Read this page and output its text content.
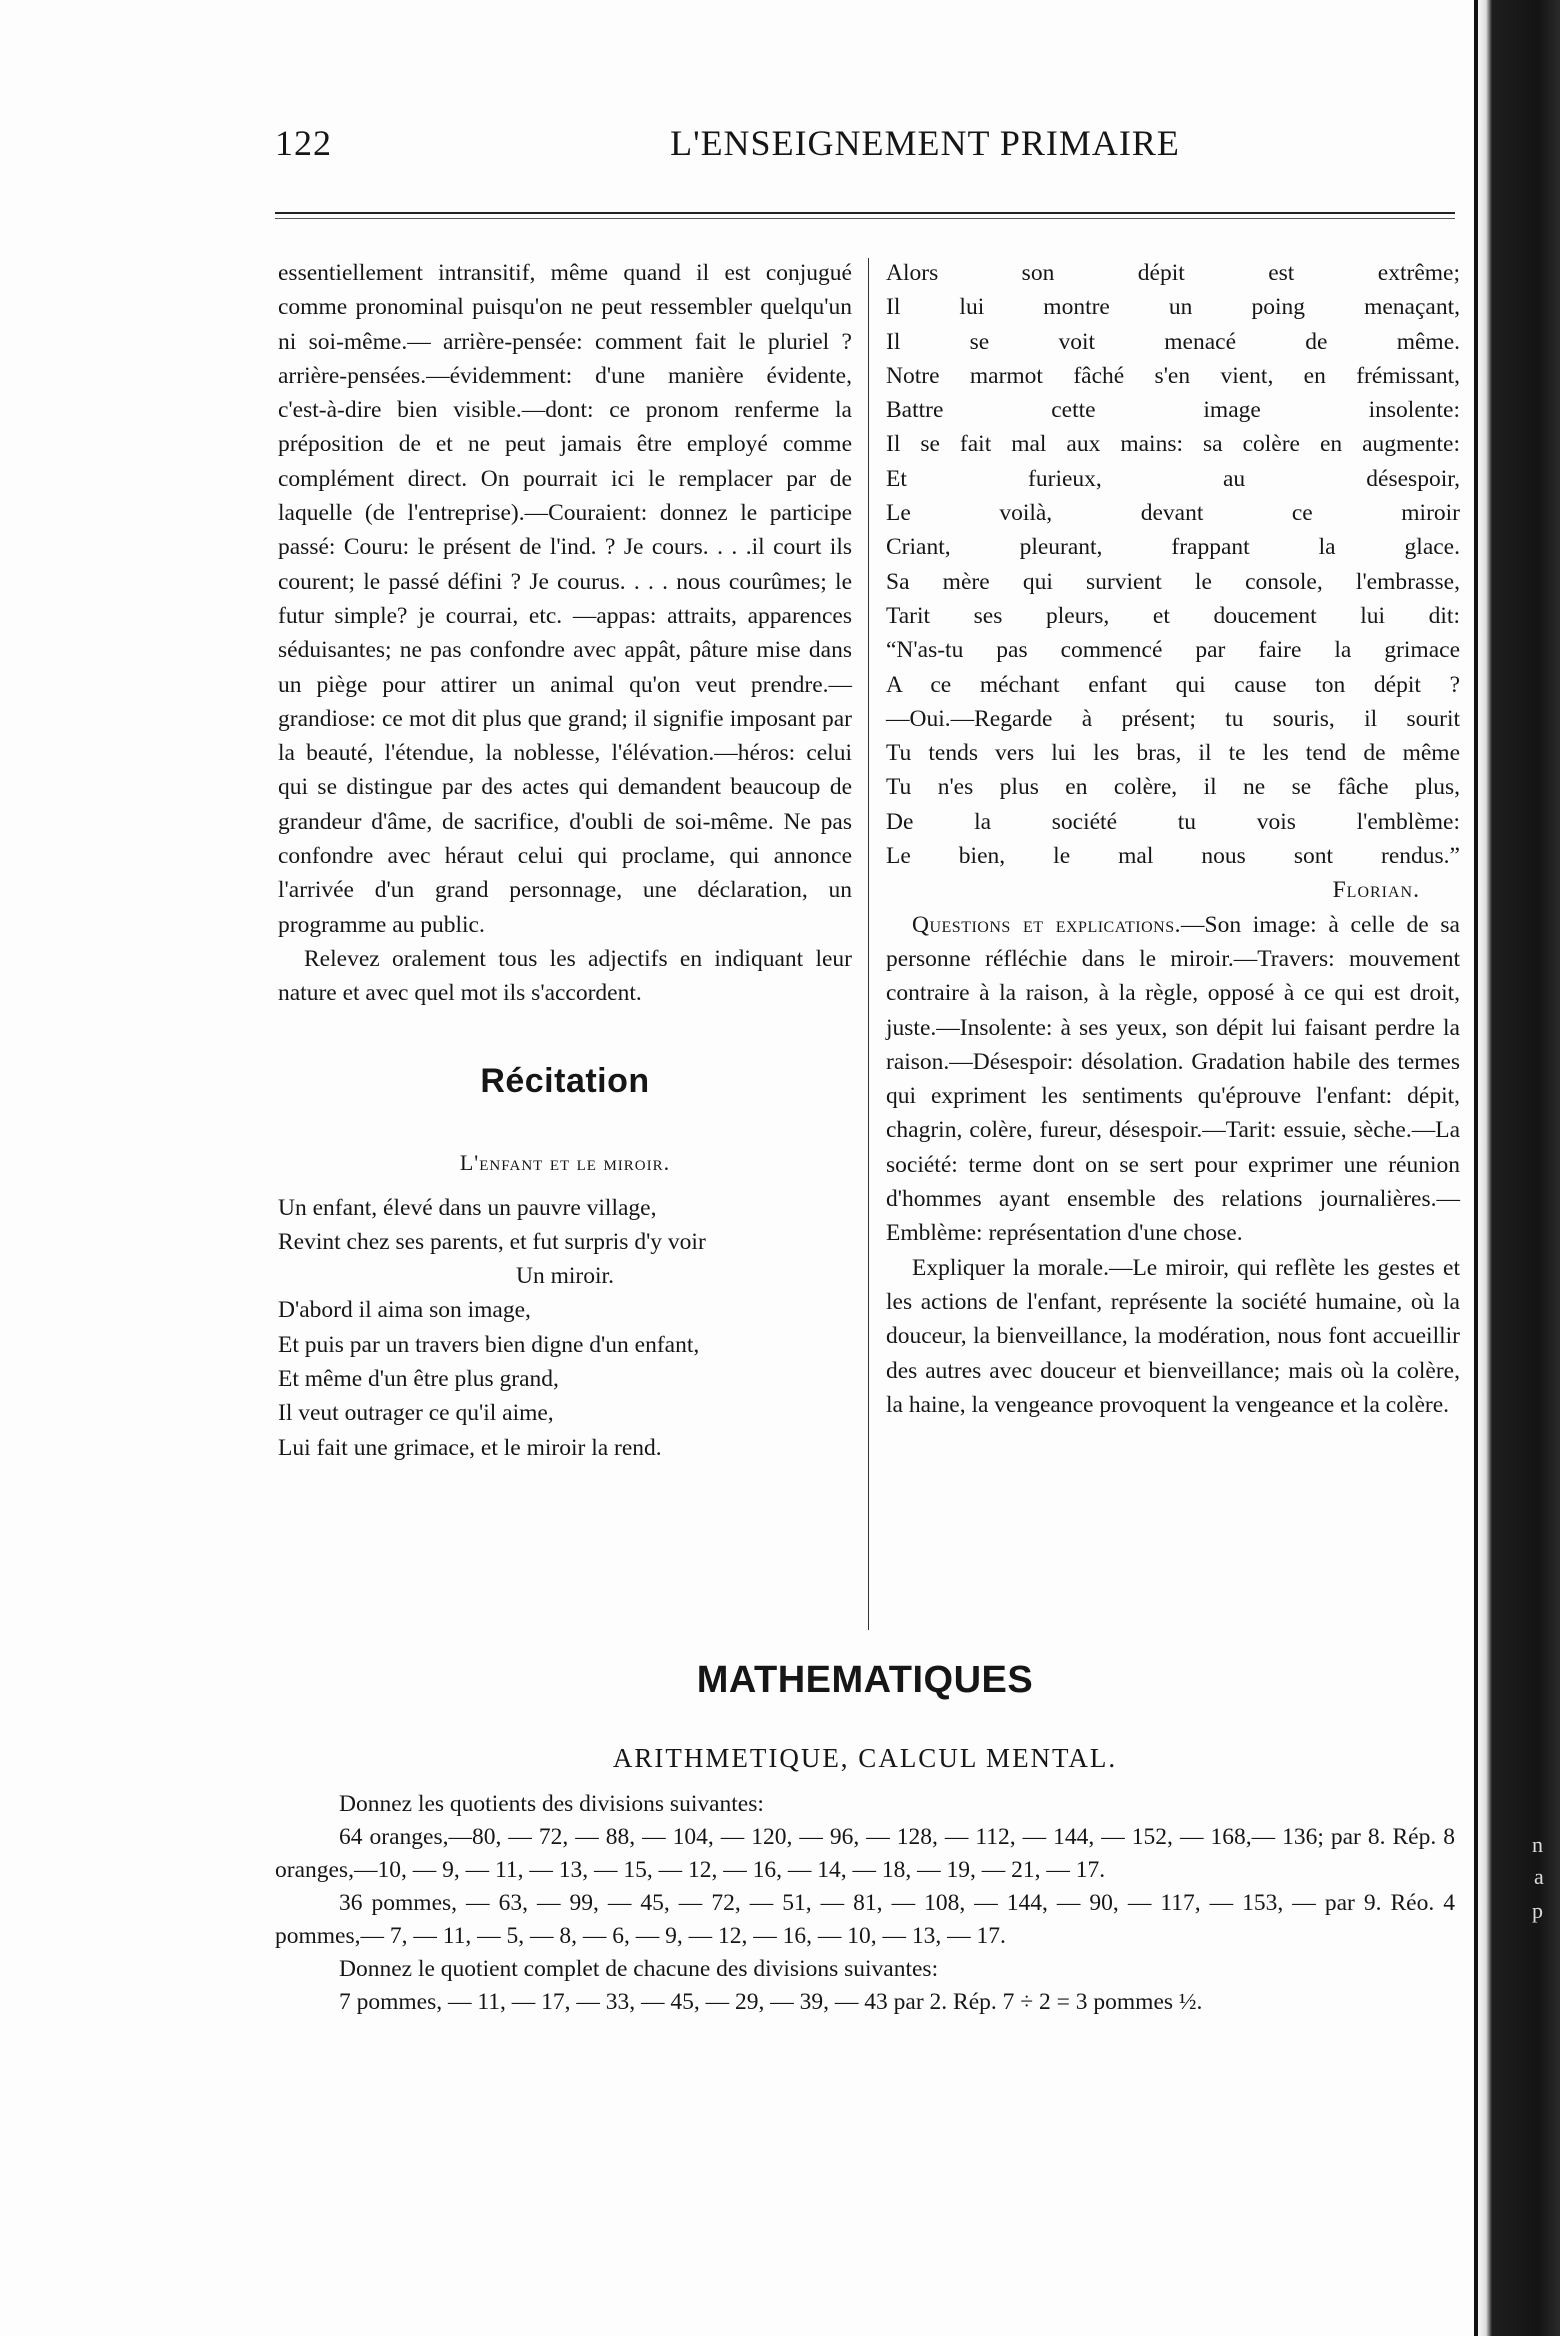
122	L'ENSEIGNEMENT PRIMAIRE

essentiellement intransitif, même quand il est conjugué comme pronominal puisqu'on ne peut ressembler quelqu'un ni soi-même.— arrière-pensée: comment fait le pluriel ? arrière-pensées.—évidemment: d'une manière évidente, c'est-à-dire bien visible.—dont: ce pronom renferme la préposition de et ne peut jamais être employé comme complément direct. On pourrait ici le remplacer par de laquelle (de l'entreprise).—Couraient: donnez le participe passé: Couru: le présent de l'ind. ? Je cours. . . .il court ils courent; le passé défini ? Je courus. . . . nous courûmes; le futur simple? je courrai, etc. —appas: attraits, apparences séduisantes; ne pas confondre avec appât, pâture mise dans un piège pour attirer un animal qu'on veut prendre.—grandiose: ce mot dit plus que grand; il signifie imposant par la beauté, l'étendue, la noblesse, l'élévation.—héros: celui qui se distingue par des actes qui demandent beaucoup de grandeur d'âme, de sacrifice, d'oubli de soi-même. Ne pas confondre avec héraut celui qui proclame, qui annonce l'arrivée d'un grand personnage, une déclaration, un programme au public.

Relevez oralement tous les adjectifs en indiquant leur nature et avec quel mot ils s'accordent.

Récitation
L'enfant et le miroir.
Un enfant, élevé dans un pauvre village,
Revint chez ses parents, et fut surpris d'y voir
Un miroir.
D'abord il aima son image,
Et puis par un travers bien digne d'un enfant,
Et même d'un être plus grand,
Il veut outrager ce qu'il aime,
Lui fait une grimace, et le miroir la rend.
Alors son dépit est extrême;
Il lui montre un poing menaçant,
Il se voit menacé de même.
Notre marmot fâché s'en vient, en frémissant,
Battre cette image insolente:
Il se fait mal aux mains: sa colère en augmente:
Et furieux, au désespoir,
Le voilà, devant ce miroir
Criant, pleurant, frappant la glace.
Sa mère qui survient le console, l'embrasse,
Tarit ses pleurs, et doucement lui dit:
“N'as-tu pas commencé par faire la grimace
A ce méchant enfant qui cause ton dépit ?
—Oui.—Regarde à présent; tu souris, il sourit
Tu tends vers lui les bras, il te les tend de même
Tu n'es plus en colère, il ne se fâche plus,
De la société tu vois l'emblème:
Le bien, le mal nous sont rendus.”
Florian.

Questions et explications.—Son image: à celle de sa personne réfléchie dans le miroir.—Travers: mouvement contraire à la raison, à la règle, opposé à ce qui est droit, juste.—Insolente: à ses yeux, son dépit lui faisant perdre la raison.—Désespoir: désolation. Gradation habile des termes qui expriment les sentiments qu'éprouve l'enfant: dépit, chagrin, colère, fureur, désespoir.—Tarit: essuie, sèche.—La société: terme dont on se sert pour exprimer une réunion d'hommes ayant ensemble des relations journalières.—Emblème: représentation d'une chose.

Expliquer la morale.—Le miroir, qui reflète les gestes et les actions de l'enfant, représente la société humaine, où la douceur, la bienveillance, la modération, nous font accueillir des autres avec douceur et bienveillance; mais où la colère, la haine, la vengeance provoquent la vengeance et la colère.

MATHEMATIQUES
ARITHMETIQUE, CALCUL MENTAL.

Donnez les quotients des divisions suivantes:

64 oranges,—80, — 72, — 88, — 104, — 120, — 96, — 128, — 112, — 144, — 152, — 168,— 136; par 8. Rép. 8 oranges,—10, — 9, — 11, — 13, — 15, — 12, — 16, — 14, — 18, — 19, — 21, — 17.

36 pommes, — 63, — 99, — 45, — 72, — 51, — 81, — 108, — 144, — 90, — 117, — 153, — par 9. Réo. 4 pommes,— 7, — 11, — 5, — 8, — 6, — 9, — 12, — 16, — 10, — 13, — 17.

Donnez le quotient complet de chacune des divisions suivantes:

7 pommes, — 11, — 17, — 33, — 45, — 29, — 39, — 43 par 2. Rép. 7 ÷ 2 = 3 pommes ½.

n
a
p
